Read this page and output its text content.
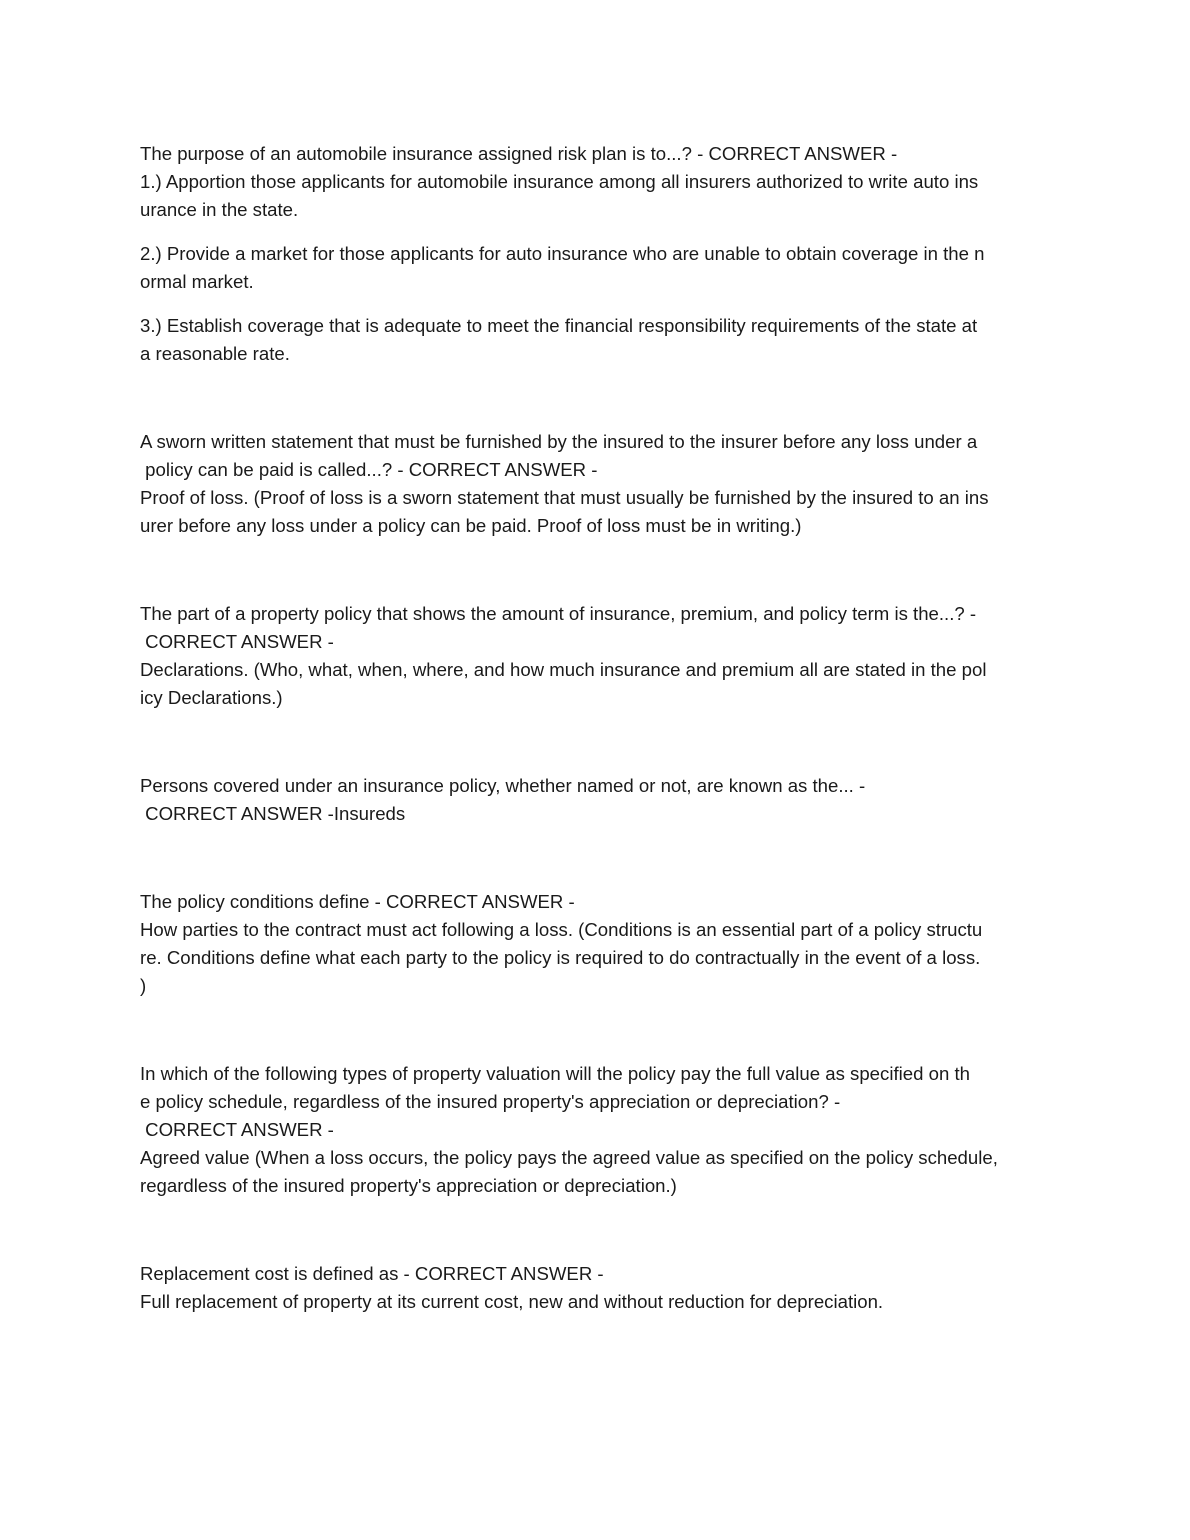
The purpose of an automobile insurance assigned risk plan is to...? - CORRECT ANSWER -
1.) Apportion those applicants for automobile insurance among all insurers authorized to write auto ins
urance in the state.
2.) Provide a market for those applicants for auto insurance who are unable to obtain coverage in the n
ormal market.
3.) Establish coverage that is adequate to meet the financial responsibility requirements of the state at
a reasonable rate.
A sworn written statement that must be furnished by the insured to the insurer before any loss under a
policy can be paid is called...? - CORRECT ANSWER -
Proof of loss. (Proof of loss is a sworn statement that must usually be furnished by the insured to an ins
urer before any loss under a policy can be paid. Proof of loss must be in writing.)
The part of a property policy that shows the amount of insurance, premium, and policy term is the...? -
CORRECT ANSWER -
Declarations. (Who, what, when, where, and how much insurance and premium all are stated in the pol
icy Declarations.)
Persons covered under an insurance policy, whether named or not, are known as the... -
CORRECT ANSWER -Insureds
The policy conditions define - CORRECT ANSWER -
How parties to the contract must act following a loss. (Conditions is an essential part of a policy structu
re. Conditions define what each party to the policy is required to do contractually in the event of a loss.
)
In which of the following types of property valuation will the policy pay the full value as specified on th
e policy schedule, regardless of the insured property's appreciation or depreciation? -
CORRECT ANSWER -
Agreed value (When a loss occurs, the policy pays the agreed value as specified on the policy schedule,
regardless of the insured property's appreciation or depreciation.)
Replacement cost is defined as - CORRECT ANSWER -
Full replacement of property at its current cost, new and without reduction for depreciation.
